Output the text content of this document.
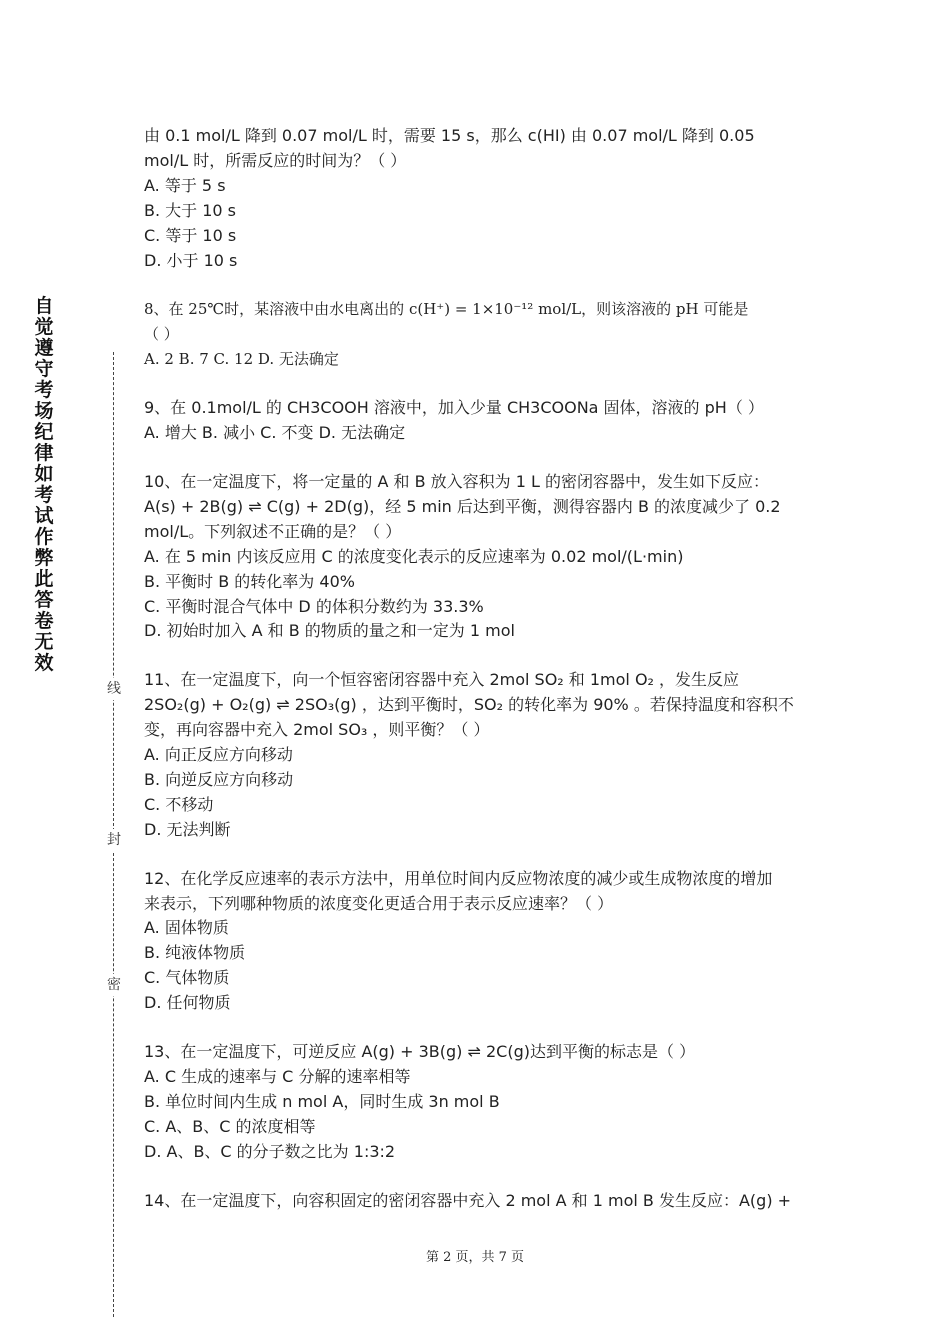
自
觉
遵
守
考
场
纪
律
如
考
试
作
弊
此
答
卷
无
效
线
封
密
由 0.1 mol/L 降到 0.07 mol/L 时，需要 15 s，那么 c(HI) 由 0.07 mol/L 降到 0.05
mol/L 时，所需反应的时间为？（ ）
A. 等于 5 s
B. 大于 10 s
C. 等于 10 s
D. 小于 10 s
8、在 25℃时，某溶液中由水电离出的 c(H⁺) = 1×10⁻¹² mol/L，则该溶液的 pH 可能是
（ ）
A. 2 B. 7 C. 12 D. 无法确定
9、在 0.1mol/L 的 CH3COOH 溶液中，加入少量 CH3COONa 固体，溶液的 pH（ ）
A. 增大 B. 减小 C. 不变 D. 无法确定
10、在一定温度下，将一定量的 A 和 B 放入容积为 1 L 的密闭容器中，发生如下反应：
A(s) + 2B(g) ⇌ C(g) + 2D(g)，经 5 min 后达到平衡，测得容器内 B 的浓度减少了 0.2
mol/L。下列叙述不正确的是？（ ）
A. 在 5 min 内该反应用 C 的浓度变化表示的反应速率为 0.02 mol/(L·min)
B. 平衡时 B 的转化率为 40%
C. 平衡时混合气体中 D 的体积分数约为 33.3%
D. 初始时加入 A 和 B 的物质的量之和一定为 1 mol
11、在一定温度下，向一个恒容密闭容器中充入 2mol SO₂ 和 1mol O₂ ，发生反应
2SO₂(g) + O₂(g) ⇌ 2SO₃(g) ，达到平衡时，SO₂ 的转化率为 90% 。若保持温度和容积不
变，再向容器中充入 2mol SO₃ ，则平衡？（ ）
A. 向正反应方向移动
B. 向逆反应方向移动
C. 不移动
D. 无法判断
12、在化学反应速率的表示方法中，用单位时间内反应物浓度的减少或生成物浓度的增加
来表示，下列哪种物质的浓度变化更适合用于表示反应速率？（ ）
A. 固体物质
B. 纯液体物质
C. 气体物质
D. 任何物质
13、在一定温度下，可逆反应 A(g) + 3B(g) ⇌ 2C(g)达到平衡的标志是（ ）
A. C 生成的速率与 C 分解的速率相等
B. 单位时间内生成 n mol A，同时生成 3n mol B
C. A、B、C 的浓度相等
D. A、B、C 的分子数之比为 1:3:2
14、在一定温度下，向容积固定的密闭容器中充入 2 mol A 和 1 mol B 发生反应：A(g) +
第 2 页，共 7 页
